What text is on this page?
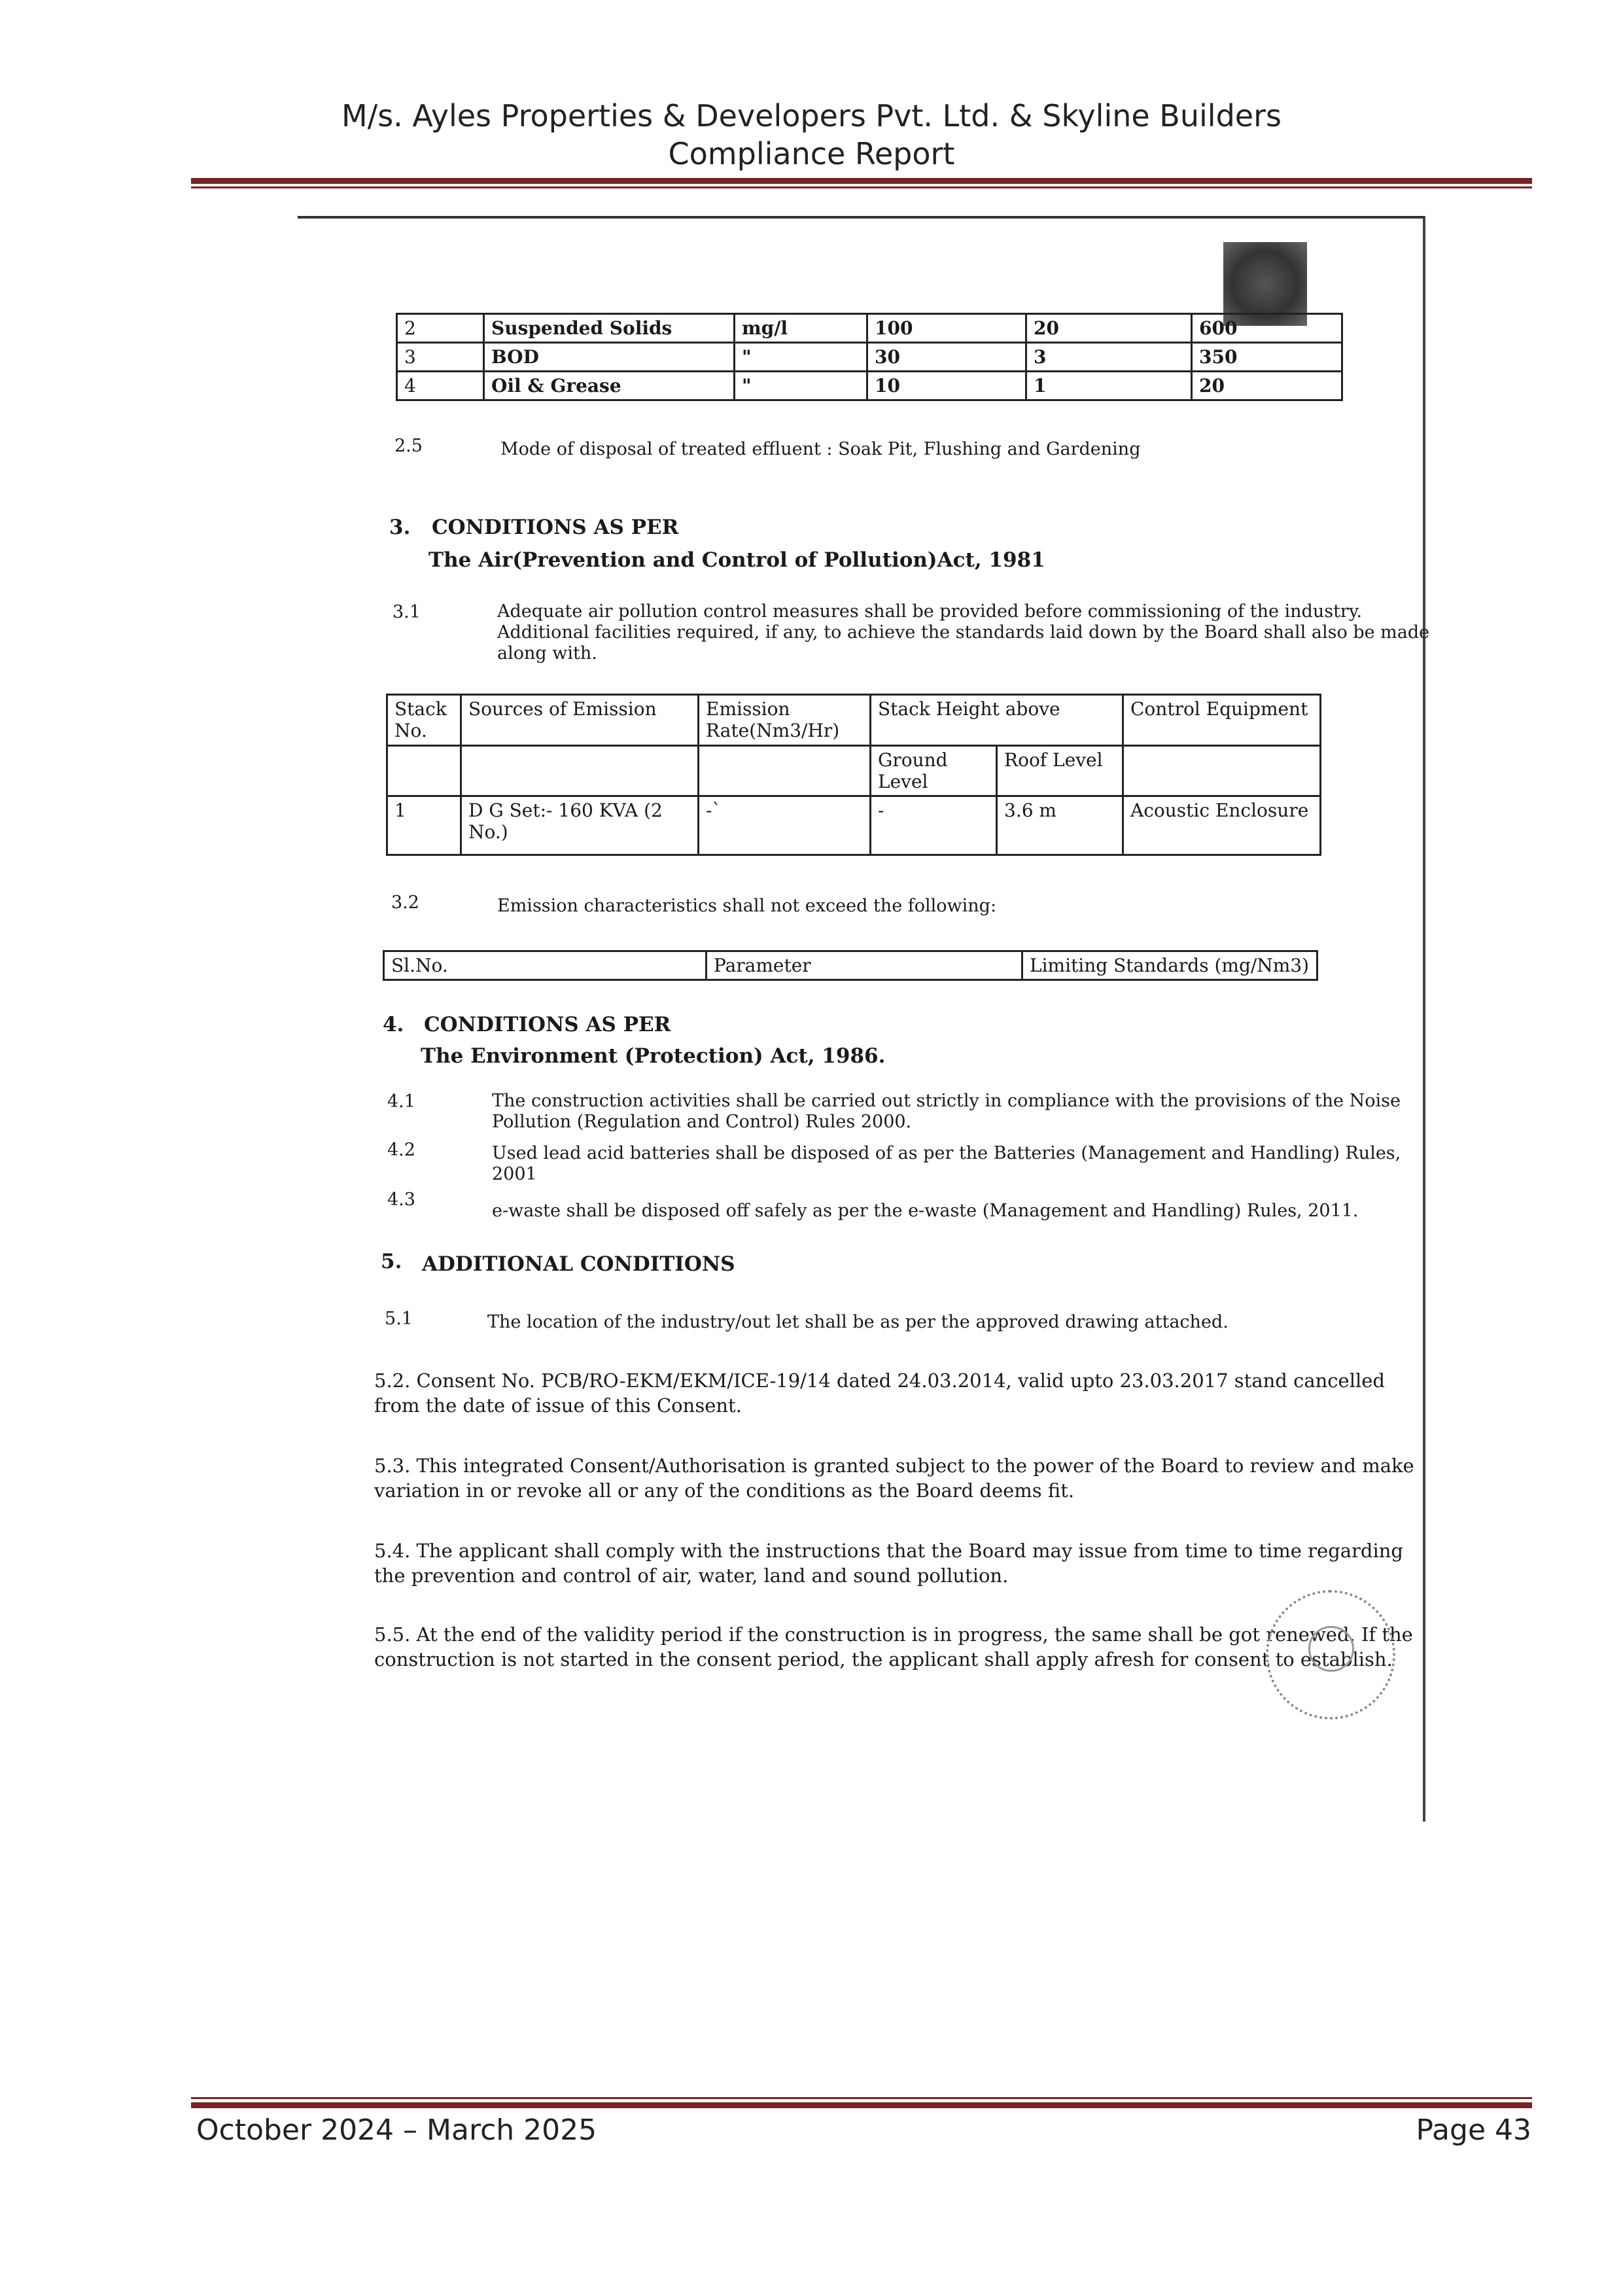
M/s. Ayles Properties & Developers Pvt. Ltd. & Skyline Builders
Compliance Report
2	Suspended Solids	mg/l	100	20	600
3	BOD	"	30	3	350
4	Oil & Grease	"	10	1	20
2.5	Mode of disposal of treated effluent : Soak Pit, Flushing and Gardening
3. CONDITIONS AS PER
The Air(Prevention and Control of Pollution)Act, 1981
3.1	Adequate air pollution control measures shall be provided before commissioning of the industry.
Additional facilities required, if any, to achieve the standards laid down by the Board shall also be made
along with.
Stack No.	Sources of Emission	Emission Rate(Nm3/Hr)	Stack Height above		Control Equipment
			Ground Level	Roof Level	
1	D G Set:- 160 KVA (2 No.)	-`	-	3.6 m	Acoustic Enclosure
3.2	Emission characteristics shall not exceed the following:
Sl.No.	Parameter	Limiting Standards (mg/Nm3)
4. CONDITIONS AS PER
The Environment (Protection) Act, 1986.
4.1	The construction activities shall be carried out strictly in compliance with the provisions of the Noise
Pollution (Regulation and Control) Rules 2000.
4.2	Used lead acid batteries shall be disposed of as per the Batteries (Management and Handling) Rules,
2001
4.3
e-waste shall be disposed off safely as per the e-waste (Management and Handling) Rules, 2011.
5. ADDITIONAL CONDITIONS
5.1	The location of the industry/out let shall be as per the approved drawing attached.
5.2. Consent No. PCB/RO-EKM/EKM/ICE-19/14 dated 24.03.2014, valid upto 23.03.2017 stand cancelled
from the date of issue of this Consent.
5.3. This integrated Consent/Authorisation is granted subject to the power of the Board to review and make
variation in or revoke all or any of the conditions as the Board deems fit.
5.4. The applicant shall comply with the instructions that the Board may issue from time to time regarding
the prevention and control of air, water, land and sound pollution.
5.5. At the end of the validity period if the construction is in progress, the same shall be got renewed. If the
construction is not started in the consent period, the applicant shall apply afresh for consent to establish.
October 2024 – March 2025	Page 43
